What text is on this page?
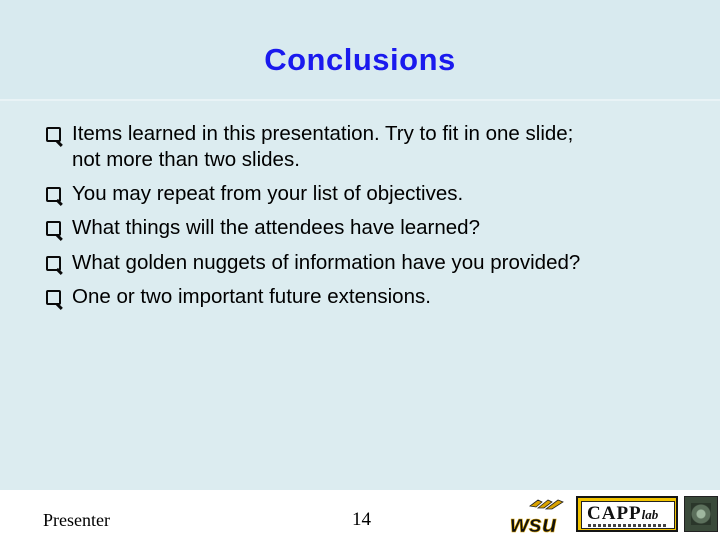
Conclusions
Items learned in this presentation. Try to fit in one slide;
not more than two slides.
You may repeat from your list of objectives.
What things will the attendees have learned?
What golden nuggets of information have you provided?
One or two important future extensions.
Presenter	14	wsu CAPPlab
